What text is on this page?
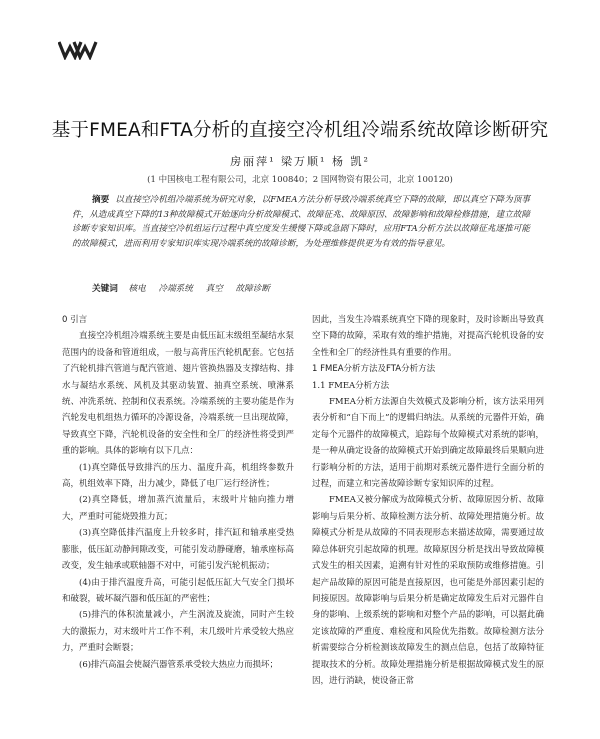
基于FMEA和FTA分析的直接空冷机组冷端系统故障诊断研究
房丽萍¹ 梁万顺¹ 杨 凯²
(1 中国核电工程有限公司，北京 100840；2 国网物资有限公司，北京 100120)
摘要 以直接空冷机组冷端系统为研究对象，以FMEA方法分析导致冷端系统真空下降的故障，即以真空下降为顶事件，从造成真空下降的13种故障模式开始逐向分析故障模式、故障征兆、故障原因、故障影响和故障检修措施，建立故障诊断专家知识库。当直接空冷机组运行过程中真空度发生缓慢下降或急剧下降时，应用FTA分析方法以故障征兆逐推可能的故障模式，进而利用专家知识库实现冷端系统的故障诊断，为处理维修提供更为有效的指导意见。
关键词 核电 冷端系统 真空 故障诊断

0 引言

直接空冷机组冷端系统主要是由低压缸末级组至凝结水泵范围内的设备和管道组成，一般与高背压汽轮机配套。它包括了汽轮机排汽管道与配汽管道、翅片管换热器及支撑结构、排水与凝结水系统、风机及其驱动装置、抽真空系统、喷淋系统、冲洗系统、控制和仪表系统。冷端系统的主要功能是作为汽轮发电机组热力循环的冷源设备，冷端系统一旦出现故障，导致真空下降，汽轮机设备的安全性和全厂的经济性将受到严重的影响。具体的影响有以下几点：

(1)真空降低导致排汽的压力、温度升高，机组终参数升高，机组效率下降，出力减少，降低了电厂运行经济性；

(2)真空降低，增加蒸汽流量后，末级叶片轴向推力增大，严重时可能烧毁推力瓦；

(3)真空降低排汽温度上升较多时，排汽缸和轴承座受热膨胀，低压缸动静间隙改变，可能引发动静碰磨，轴承座标高改变，发生轴承或联轴器不对中，可能引发汽轮机振动；

(4)由于排汽温度升高，可能引起低压缸大气安全门损坏和破裂，破坏凝汽器和低压缸的严密性；

(5)排汽的体积流量减小，产生涡流及旋流，同时产生较大的激振力，对末级叶片工作不利，末几级叶片承受较大热应力，严重时会断裂；

(6)排汽高温会使凝汽器管系承受较大热应力而损坏；

因此，当发生冷端系统真空下降的现象时，及时诊断出导致真空下降的故障，采取有效的维护措施，对提高汽轮机设备的安全性和全厂的经济性具有重要的作用。

1 FMEA分析方法及FTA分析方法

1.1 FMEA分析方法

FMEA分析方法源自失效模式及影响分析，该方法采用列表分析和“自下而上”的逻辑归纳法。从系统的元器件开始，确定每个元器件的故障模式，追踪每个故障模式对系统的影响，是一种从确定设备的故障模式开始到确定故障最终后果顺向进行影响分析的方法，适用于前期对系统元器件进行全面分析的过程，而建立和完善故障诊断专家知识库的过程。

FMEA又被分解成为故障模式分析、故障原因分析、故障影响与后果分析、故障检测方法分析、故障处理措施分析。故障模式分析是从故障的不同表现形态来描述故障，需要通过故障总体研究引起故障的机理。故障原因分析是找出导致故障模式发生的相关因素，追溯有针对性的采取预防或维修措施。引起产品故障的原因可能是直接原因，也可能是外部因素引起的间接原因。故障影响与后果分析是确定故障发生后对元器件自身的影响、上级系统的影响和对整个产品的影响，可以据此确定该故障的严重度、难检度和风险优先指数。故障检测方法分析需要综合分析检测该故障发生的测点信息，包括了故障特征提取技术的分析。故障处理措施分析是根据故障模式发生的原因，进行消缺，使设备正常
